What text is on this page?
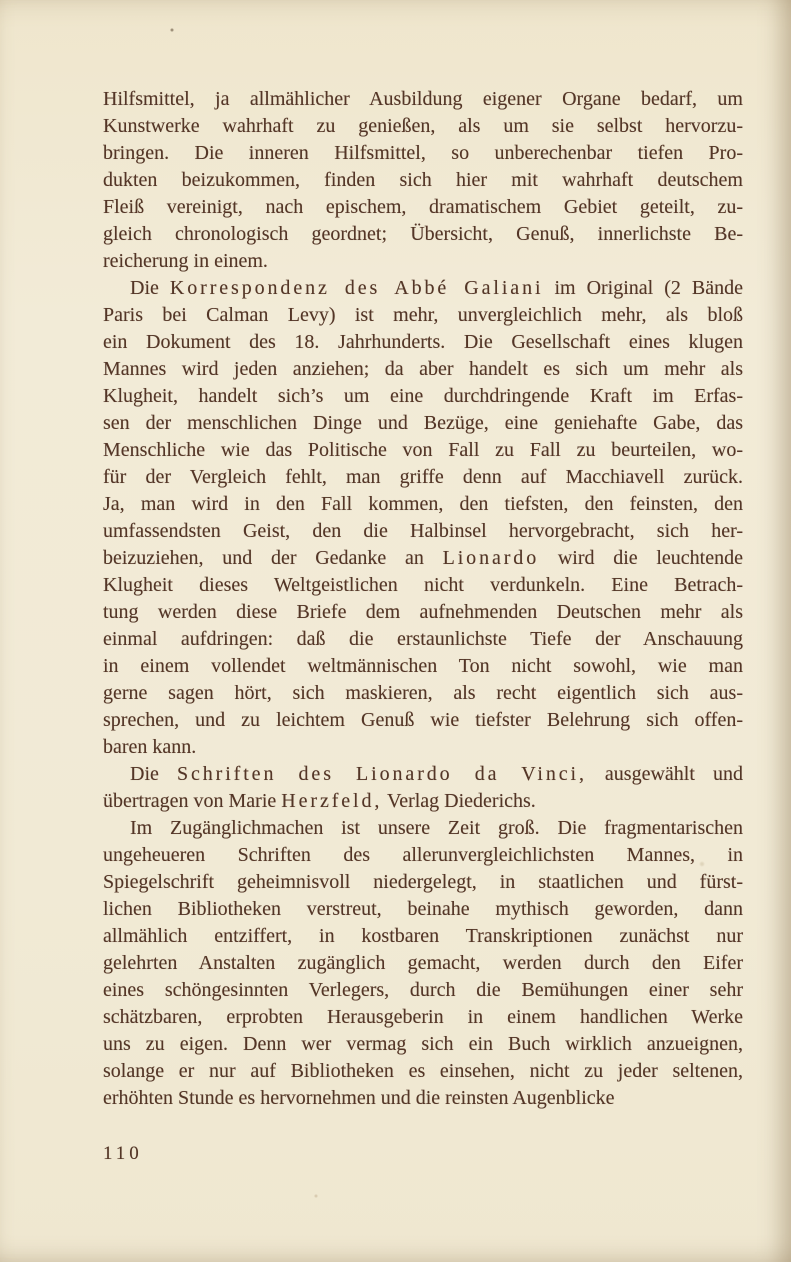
Hilfsmittel, ja allmählicher Ausbildung eigener Organe bedarf, um
Kunstwerke wahrhaft zu genießen, als um sie selbst hervorzu-
bringen. Die inneren Hilfsmittel, so unberechenbar tiefen Pro-
dukten beizukommen, finden sich hier mit wahrhaft deutschem
Fleiß vereinigt, nach epischem, dramatischem Gebiet geteilt, zu-
gleich chronologisch geordnet; Übersicht, Genuß, innerlichste Be-
reicherung in einem.
Die Korrespondenz des Abbé Galiani im Original (2 Bände
Paris bei Calman Levy) ist mehr, unvergleichlich mehr, als bloß
ein Dokument des 18. Jahrhunderts. Die Gesellschaft eines klugen
Mannes wird jeden anziehen; da aber handelt es sich um mehr als
Klugheit, handelt sich’s um eine durchdringende Kraft im Erfas-
sen der menschlichen Dinge und Bezüge, eine geniehafte Gabe, das
Menschliche wie das Politische von Fall zu Fall zu beurteilen, wo-
für der Vergleich fehlt, man griffe denn auf Macchiavell zurück.
Ja, man wird in den Fall kommen, den tiefsten, den feinsten, den
umfassendsten Geist, den die Halbinsel hervorgebracht, sich her-
beizuziehen, und der Gedanke an Lionardo wird die leuchtende
Klugheit dieses Weltgeistlichen nicht verdunkeln. Eine Betrach-
tung werden diese Briefe dem aufnehmenden Deutschen mehr als
einmal aufdringen: daß die erstaunlichste Tiefe der Anschauung
in einem vollendet weltmännischen Ton nicht sowohl, wie man
gerne sagen hört, sich maskieren, als recht eigentlich sich aus-
sprechen, und zu leichtem Genuß wie tiefster Belehrung sich offen-
baren kann.
Die Schriften des Lionardo da Vinci, ausgewählt und
übertragen von Marie Herzfeld, Verlag Diederichs.
Im Zugänglichmachen ist unsere Zeit groß. Die fragmentarischen
ungeheueren Schriften des allerunvergleichlichsten Mannes, in
Spiegelschrift geheimnisvoll niedergelegt, in staatlichen und fürst-
lichen Bibliotheken verstreut, beinahe mythisch geworden, dann
allmählich entziffert, in kostbaren Transkriptionen zunächst nur
gelehrten Anstalten zugänglich gemacht, werden durch den Eifer
eines schöngesinnten Verlegers, durch die Bemühungen einer sehr
schätzbaren, erprobten Herausgeberin in einem handlichen Werke
uns zu eigen. Denn wer vermag sich ein Buch wirklich anzueignen,
solange er nur auf Bibliotheken es einsehen, nicht zu jeder seltenen,
erhöhten Stunde es hervornehmen und die reinsten Augenblicke
110
